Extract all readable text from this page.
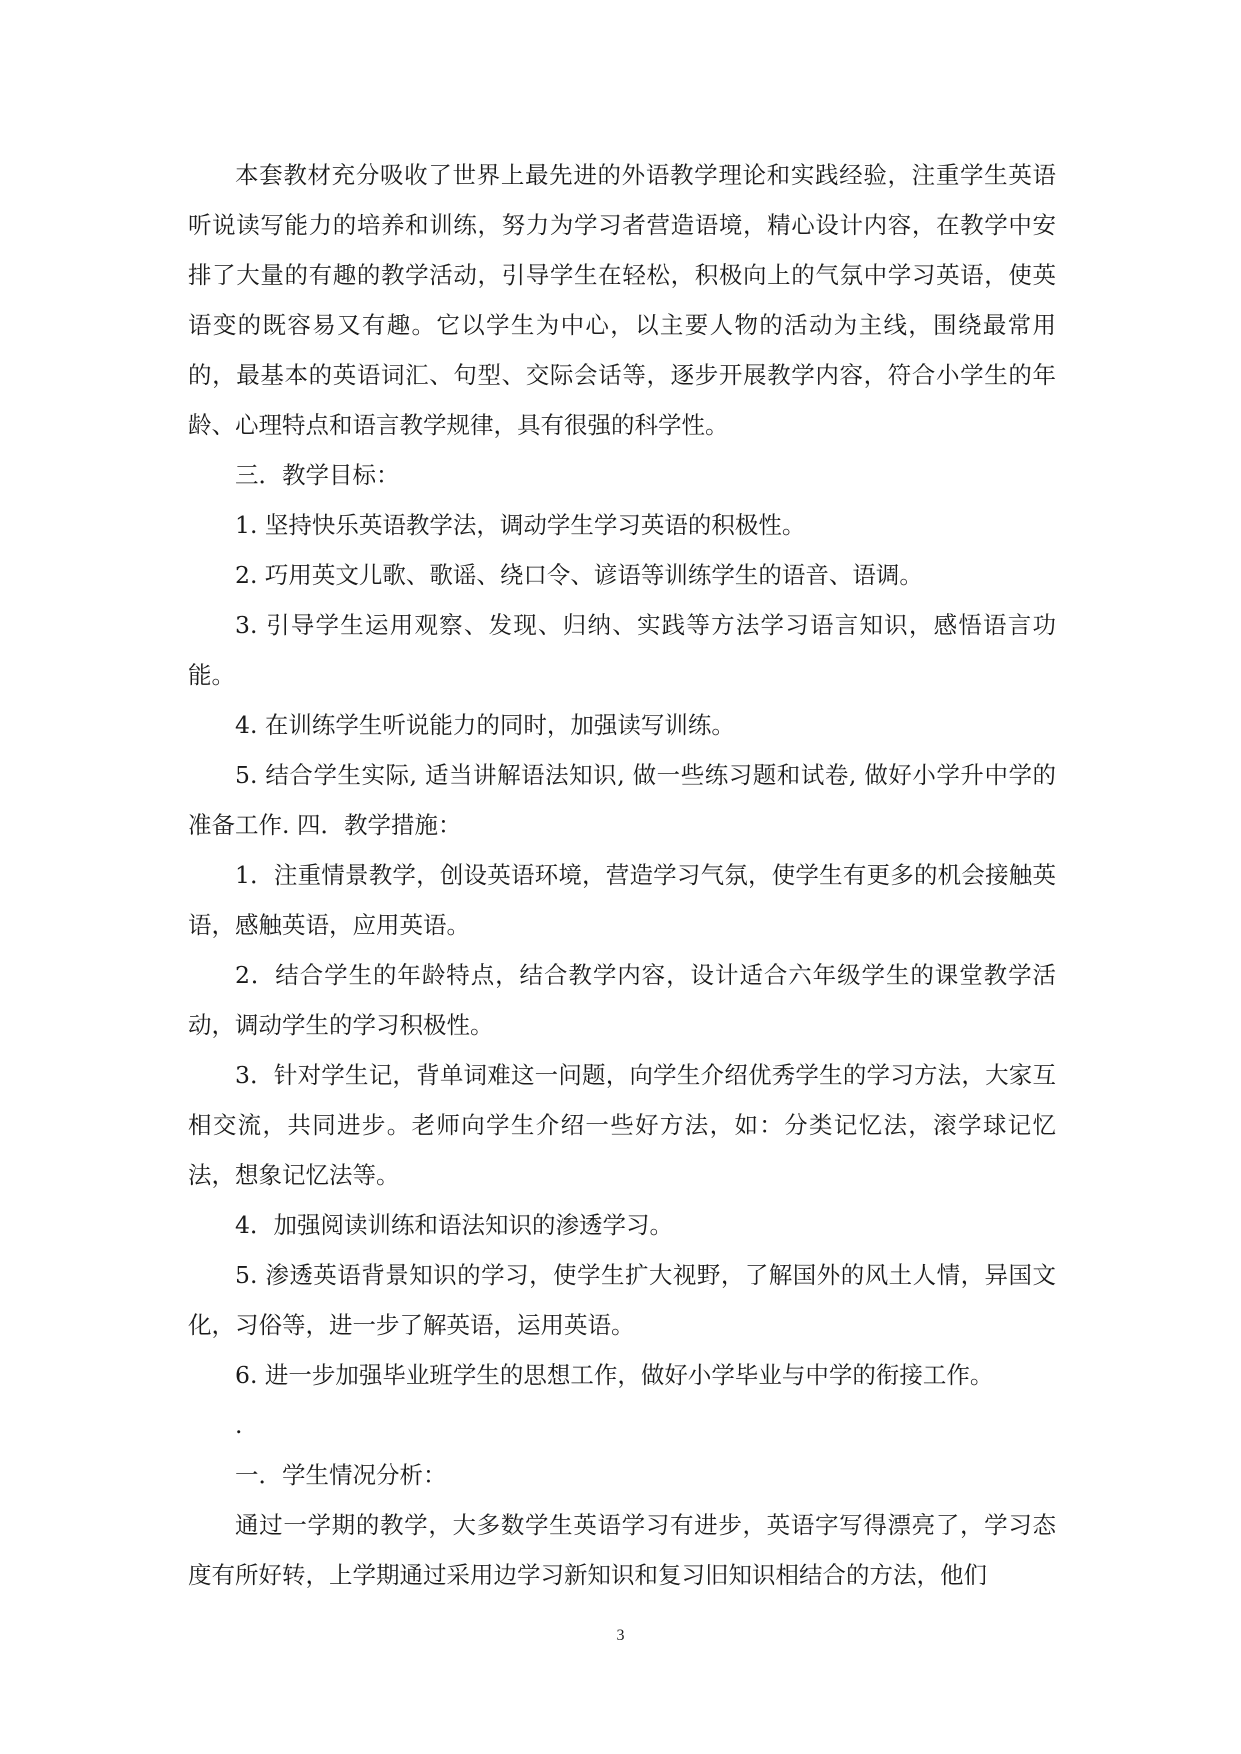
本套教材充分吸收了世界上最先进的外语教学理论和实践经验，注重学生英语听说读写能力的培养和训练，努力为学习者营造语境，精心设计内容，在教学中安排了大量的有趣的教学活动，引导学生在轻松，积极向上的气氛中学习英语，使英语变的既容易又有趣。它以学生为中心，以主要人物的活动为主线，围绕最常用的，最基本的英语词汇、句型、交际会话等，逐步开展教学内容，符合小学生的年龄、心理特点和语言教学规律，具有很强的科学性。

三．教学目标：

1. 坚持快乐英语教学法，调动学生学习英语的积极性。

2. 巧用英文儿歌、歌谣、绕口令、谚语等训练学生的语音、语调。

3. 引导学生运用观察、发现、归纳、实践等方法学习语言知识，感悟语言功能。

4. 在训练学生听说能力的同时，加强读写训练。

5. 结合学生实际, 适当讲解语法知识, 做一些练习题和试卷, 做好小学升中学的准备工作. 四．教学措施：

1．注重情景教学，创设英语环境，营造学习气氛，使学生有更多的机会接触英语，感触英语，应用英语。

2．结合学生的年龄特点，结合教学内容，设计适合六年级学生的课堂教学活动，调动学生的学习积极性。

3．针对学生记，背单词难这一问题，向学生介绍优秀学生的学习方法，大家互相交流，共同进步。老师向学生介绍一些好方法，如：分类记忆法，滚学球记忆法，想象记忆法等。

4．加强阅读训练和语法知识的渗透学习。

5. 渗透英语背景知识的学习，使学生扩大视野，了解国外的风土人情，异国文化，习俗等，进一步了解英语，运用英语。

6. 进一步加强毕业班学生的思想工作，做好小学毕业与中学的衔接工作。

.

一．学生情况分析：

通过一学期的教学，大多数学生英语学习有进步，英语字写得漂亮了，学习态度有所好转，上学期通过采用边学习新知识和复习旧知识相结合的方法，他们

3
